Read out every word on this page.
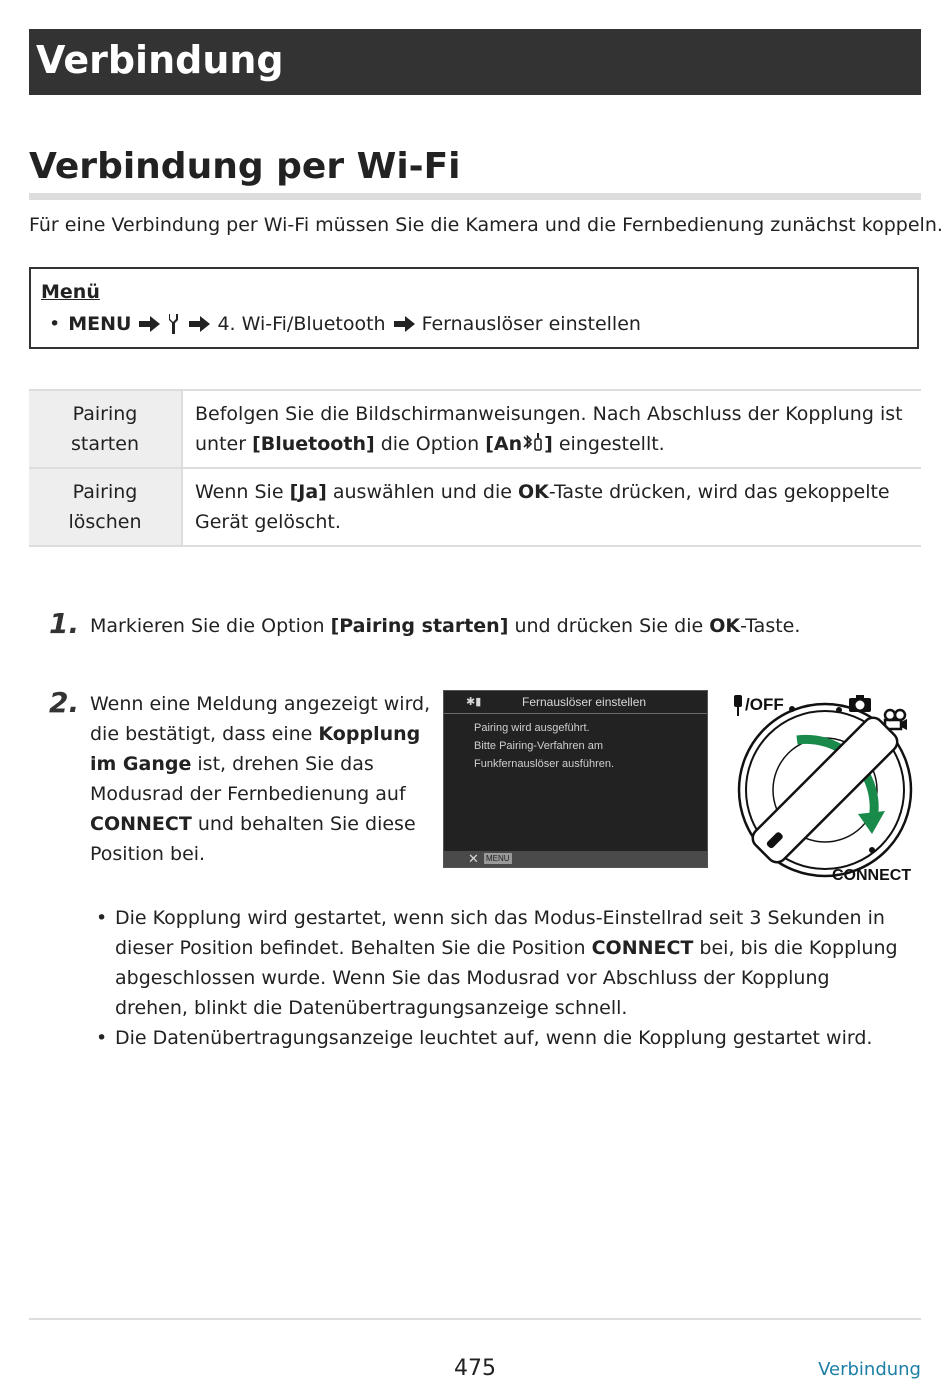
Verbindung
Verbindung per Wi-Fi
Für eine Verbindung per Wi-Fi müssen Sie die Kamera und die Fernbedienung zunächst koppeln.
Menü
• MENU	4. Wi-Fi/Bluetooth Fernauslöser einstellen
Pairing starten	Befolgen Sie die Bildschirmanweisungen. Nach Abschluss der Kopplung ist unter [Bluetooth] die Option [An ] eingestellt.
Pairing löschen	Wenn Sie [Ja] auswählen und die OK-Taste drücken, wird das gekoppelte Gerät gelöscht.
1. Markieren Sie die Option [Pairing starten] und drücken Sie die OK-Taste.
2. Wenn eine Meldung angezeigt wird, die bestätigt, dass eine Kopplung im Gange ist, drehen Sie das Modusrad der Fernbedienung auf CONNECT und behalten Sie diese Position bei.
✱▮	Fernauslöser einstellen
Pairing wird ausgeführt.
Bitte Pairing-Verfahren am
Funkfernauslöser ausführen.
✕ MENU
/OFF
CONNECT
• Die Kopplung wird gestartet, wenn sich das Modus-Einstellrad seit 3 Sekunden in dieser Position befindet. Behalten Sie die Position CONNECT bei, bis die Kopplung abgeschlossen wurde. Wenn Sie das Modusrad vor Abschluss der Kopplung drehen, blinkt die Datenübertragungsanzeige schnell.
• Die Datenübertragungsanzeige leuchtet auf, wenn die Kopplung gestartet wird.
475	Verbindung
